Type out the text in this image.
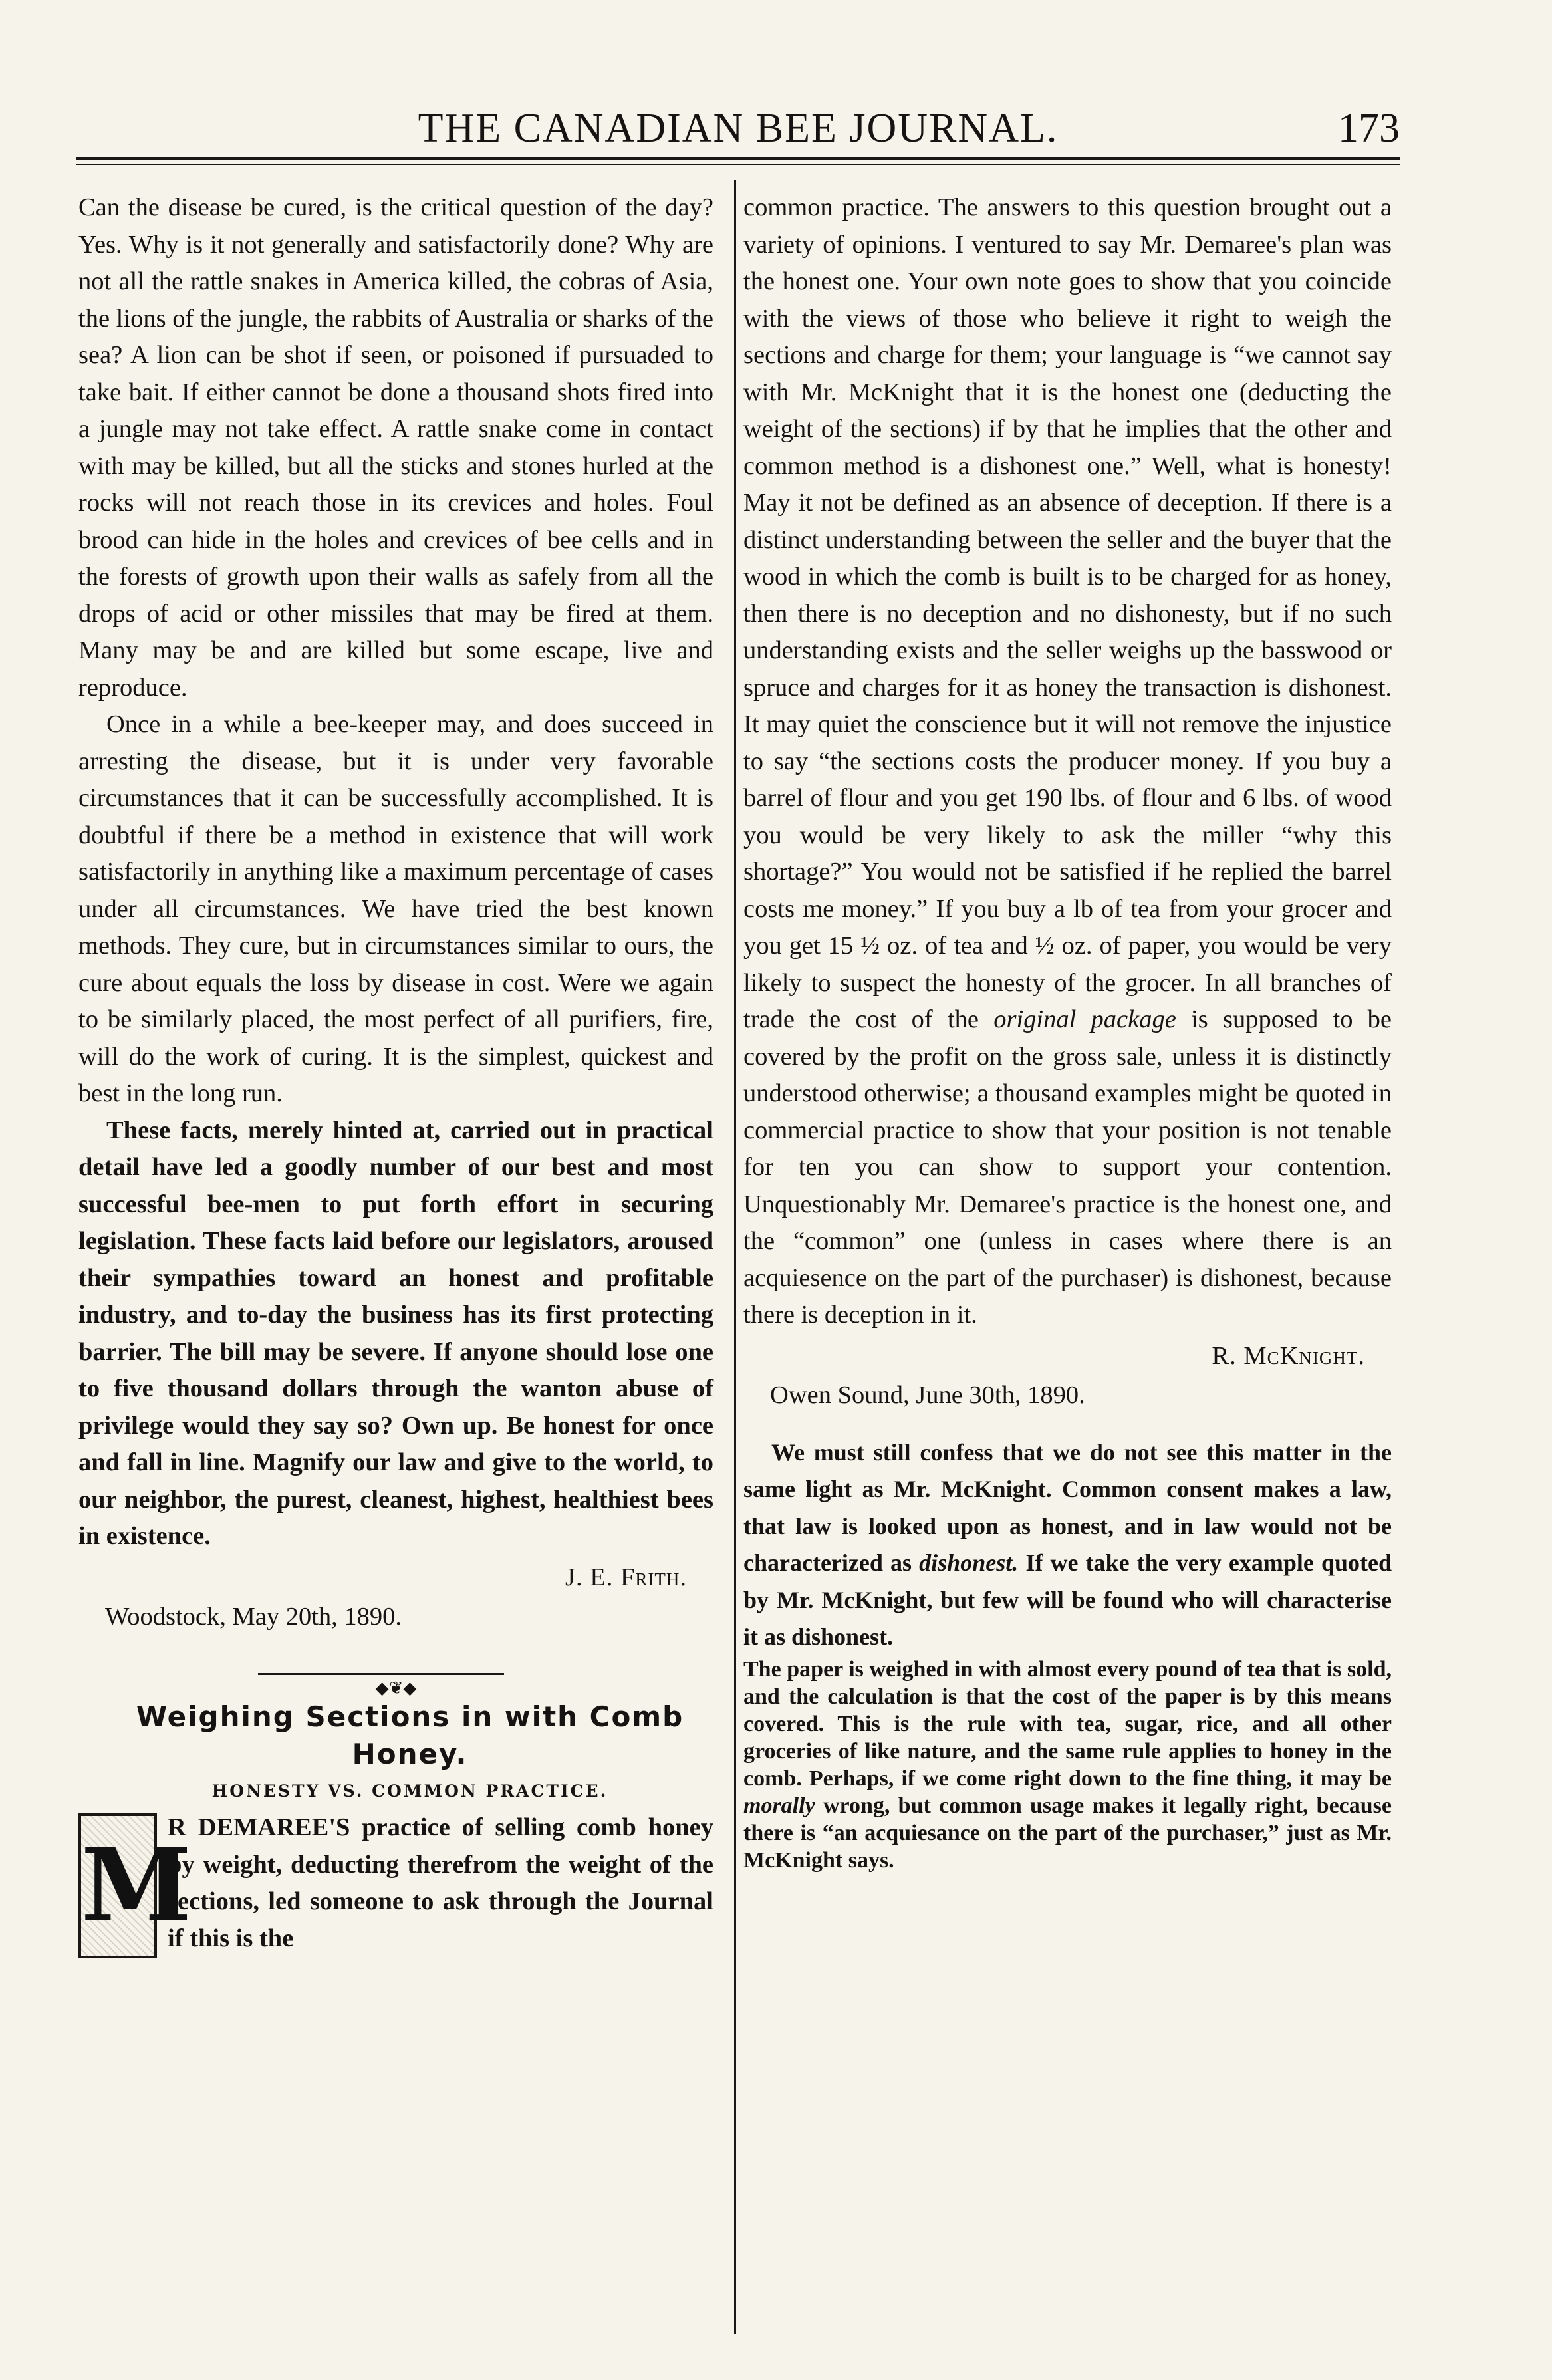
THE CANADIAN BEE JOURNAL.	173

Can the disease be cured, is the critical question of the day? Yes. Why is it not generally and satisfactorily done? Why are not all the rattle snakes in America killed, the cobras of Asia, the lions of the jungle, the rabbits of Australia or sharks of the sea? A lion can be shot if seen, or poisoned if pursuaded to take bait. If either cannot be done a thousand shots fired into a jungle may not take effect. A rattle snake come in contact with may be killed, but all the sticks and stones hurled at the rocks will not reach those in its crevices and holes. Foul brood can hide in the holes and crevices of bee cells and in the forests of growth upon their walls as safely from all the drops of acid or other missiles that may be fired at them. Many may be and are killed but some escape, live and reproduce.

Once in a while a bee-keeper may, and does succeed in arresting the disease, but it is under very favorable circumstances that it can be successfully accomplished. It is doubtful if there be a method in existence that will work satisfactorily in anything like a maximum percentage of cases under all circumstances. We have tried the best known methods. They cure, but in circumstances similar to ours, the cure about equals the loss by disease in cost. Were we again to be similarly placed, the most perfect of all purifiers, fire, will do the work of curing. It is the simplest, quickest and best in the long run.

These facts, merely hinted at, carried out in practical detail have led a goodly number of our best and most successful bee-men to put forth effort in securing legislation. These facts laid before our legislators, aroused their sympathies toward an honest and profitable industry, and to-day the business has its first protecting barrier. The bill may be severe. If anyone should lose one to five thousand dollars through the wanton abuse of privilege would they say so? Own up. Be honest for once and fall in line. Magnify our law and give to the world, to our neighbor, the purest, cleanest, highest, healthiest bees in existence.

J. E. Frith.

Woodstock, May 20th, 1890.

◆❦◆

Weighing Sections in with Comb

Honey.

HONESTY VS. COMMON PRACTICE.

M

R DEMAREE'S practice of selling comb honey by weight, deducting therefrom the weight of the sections, led someone to ask through the Journal if this is the

common practice. The answers to this question brought out a variety of opinions. I ventured to say Mr. Demaree's plan was the honest one. Your own note goes to show that you coincide with the views of those who believe it right to weigh the sections and charge for them; your language is “we cannot say with Mr. McKnight that it is the honest one (deducting the weight of the sections) if by that he implies that the other and common method is a dishonest one.” Well, what is honesty! May it not be defined as an absence of deception. If there is a distinct understanding between the seller and the buyer that the wood in which the comb is built is to be charged for as honey, then there is no deception and no dishonesty, but if no such understanding exists and the seller weighs up the basswood or spruce and charges for it as honey the transaction is dishonest. It may quiet the conscience but it will not remove the injustice to say “the sections costs the producer money. If you buy a barrel of flour and you get 190 lbs. of flour and 6 lbs. of wood you would be very likely to ask the miller “why this shortage?” You would not be satisfied if he replied the barrel costs me money.” If you buy a lb of tea from your grocer and you get 15 ½ oz. of tea and ½ oz. of paper, you would be very likely to suspect the honesty of the grocer. In all branches of trade the cost of the original package is supposed to be covered by the profit on the gross sale, unless it is distinctly understood otherwise; a thousand examples might be quoted in commercial practice to show that your position is not tenable for ten you can show to support your contention. Unquestionably Mr. Demaree's practice is the honest one, and the “common” one (unless in cases where there is an acquiesence on the part of the purchaser) is dishonest, because there is deception in it.

R. McKnight.

Owen Sound, June 30th, 1890.

We must still confess that we do not see this matter in the same light as Mr. McKnight. Common consent makes a law, that law is looked upon as honest, and in law would not be characterized as dishonest. If we take the very example quoted by Mr. McKnight, but few will be found who will characterise it as dishonest.

The paper is weighed in with almost every pound of tea that is sold, and the calculation is that the cost of the paper is by this means covered. This is the rule with tea, sugar, rice, and all other groceries of like nature, and the same rule applies to honey in the comb. Perhaps, if we come right down to the fine thing, it may be morally wrong, but common usage makes it legally right, because there is “an acquiesance on the part of the purchaser,” just as Mr. McKnight says.
